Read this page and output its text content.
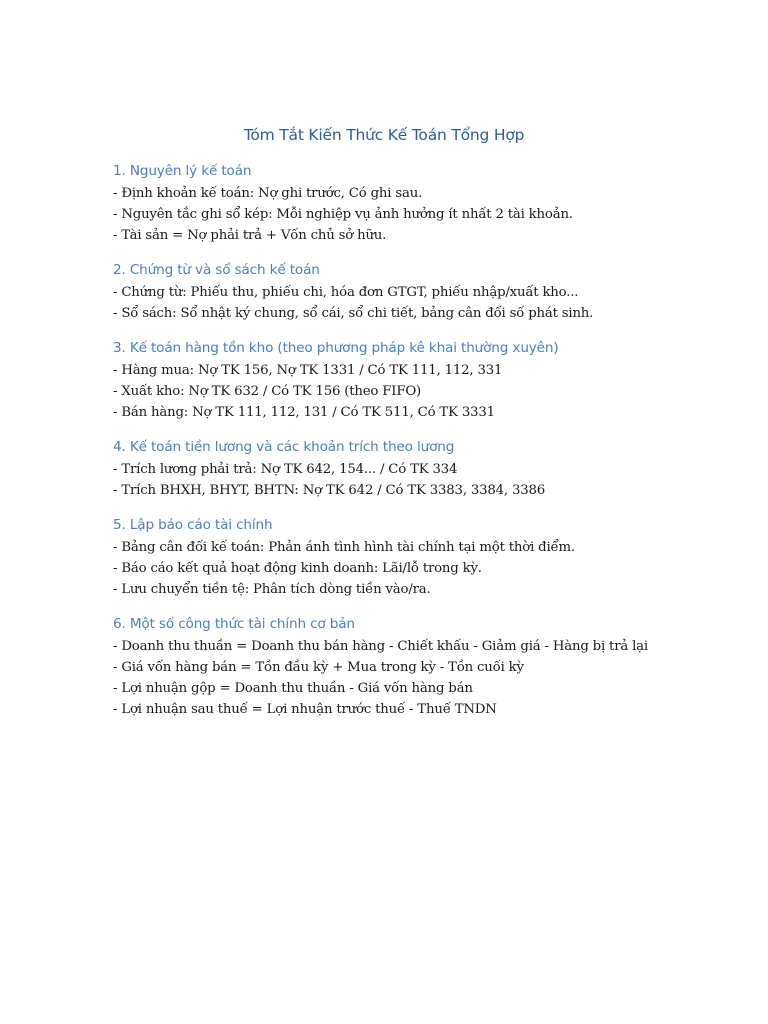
Tóm Tắt Kiến Thức Kế Toán Tổng Hợp
1. Nguyên lý kế toán
- Định khoản kế toán: Nợ ghi trước, Có ghi sau.
- Nguyên tắc ghi sổ kép: Mỗi nghiệp vụ ảnh hưởng ít nhất 2 tài khoản.
- Tài sản = Nợ phải trả + Vốn chủ sở hữu.
2. Chứng từ và sổ sách kế toán
- Chứng từ: Phiếu thu, phiếu chi, hóa đơn GTGT, phiếu nhập/xuất kho...
- Sổ sách: Sổ nhật ký chung, sổ cái, sổ chi tiết, bảng cân đối số phát sinh.
3. Kế toán hàng tồn kho (theo phương pháp kê khai thường xuyên)
- Hàng mua: Nợ TK 156, Nợ TK 1331 / Có TK 111, 112, 331
- Xuất kho: Nợ TK 632 / Có TK 156 (theo FIFO)
- Bán hàng: Nợ TK 111, 112, 131 / Có TK 511, Có TK 3331
4. Kế toán tiền lương và các khoản trích theo lương
- Trích lương phải trả: Nợ TK 642, 154... / Có TK 334
- Trích BHXH, BHYT, BHTN: Nợ TK 642 / Có TK 3383, 3384, 3386
5. Lập báo cáo tài chính
- Bảng cân đối kế toán: Phản ánh tình hình tài chính tại một thời điểm.
- Báo cáo kết quả hoạt động kinh doanh: Lãi/lỗ trong kỳ.
- Lưu chuyển tiền tệ: Phân tích dòng tiền vào/ra.
6. Một số công thức tài chính cơ bản
- Doanh thu thuần = Doanh thu bán hàng - Chiết khấu - Giảm giá - Hàng bị trả lại
- Giá vốn hàng bán = Tồn đầu kỳ + Mua trong kỳ - Tồn cuối kỳ
- Lợi nhuận gộp = Doanh thu thuần - Giá vốn hàng bán
- Lợi nhuận sau thuế = Lợi nhuận trước thuế - Thuế TNDN
